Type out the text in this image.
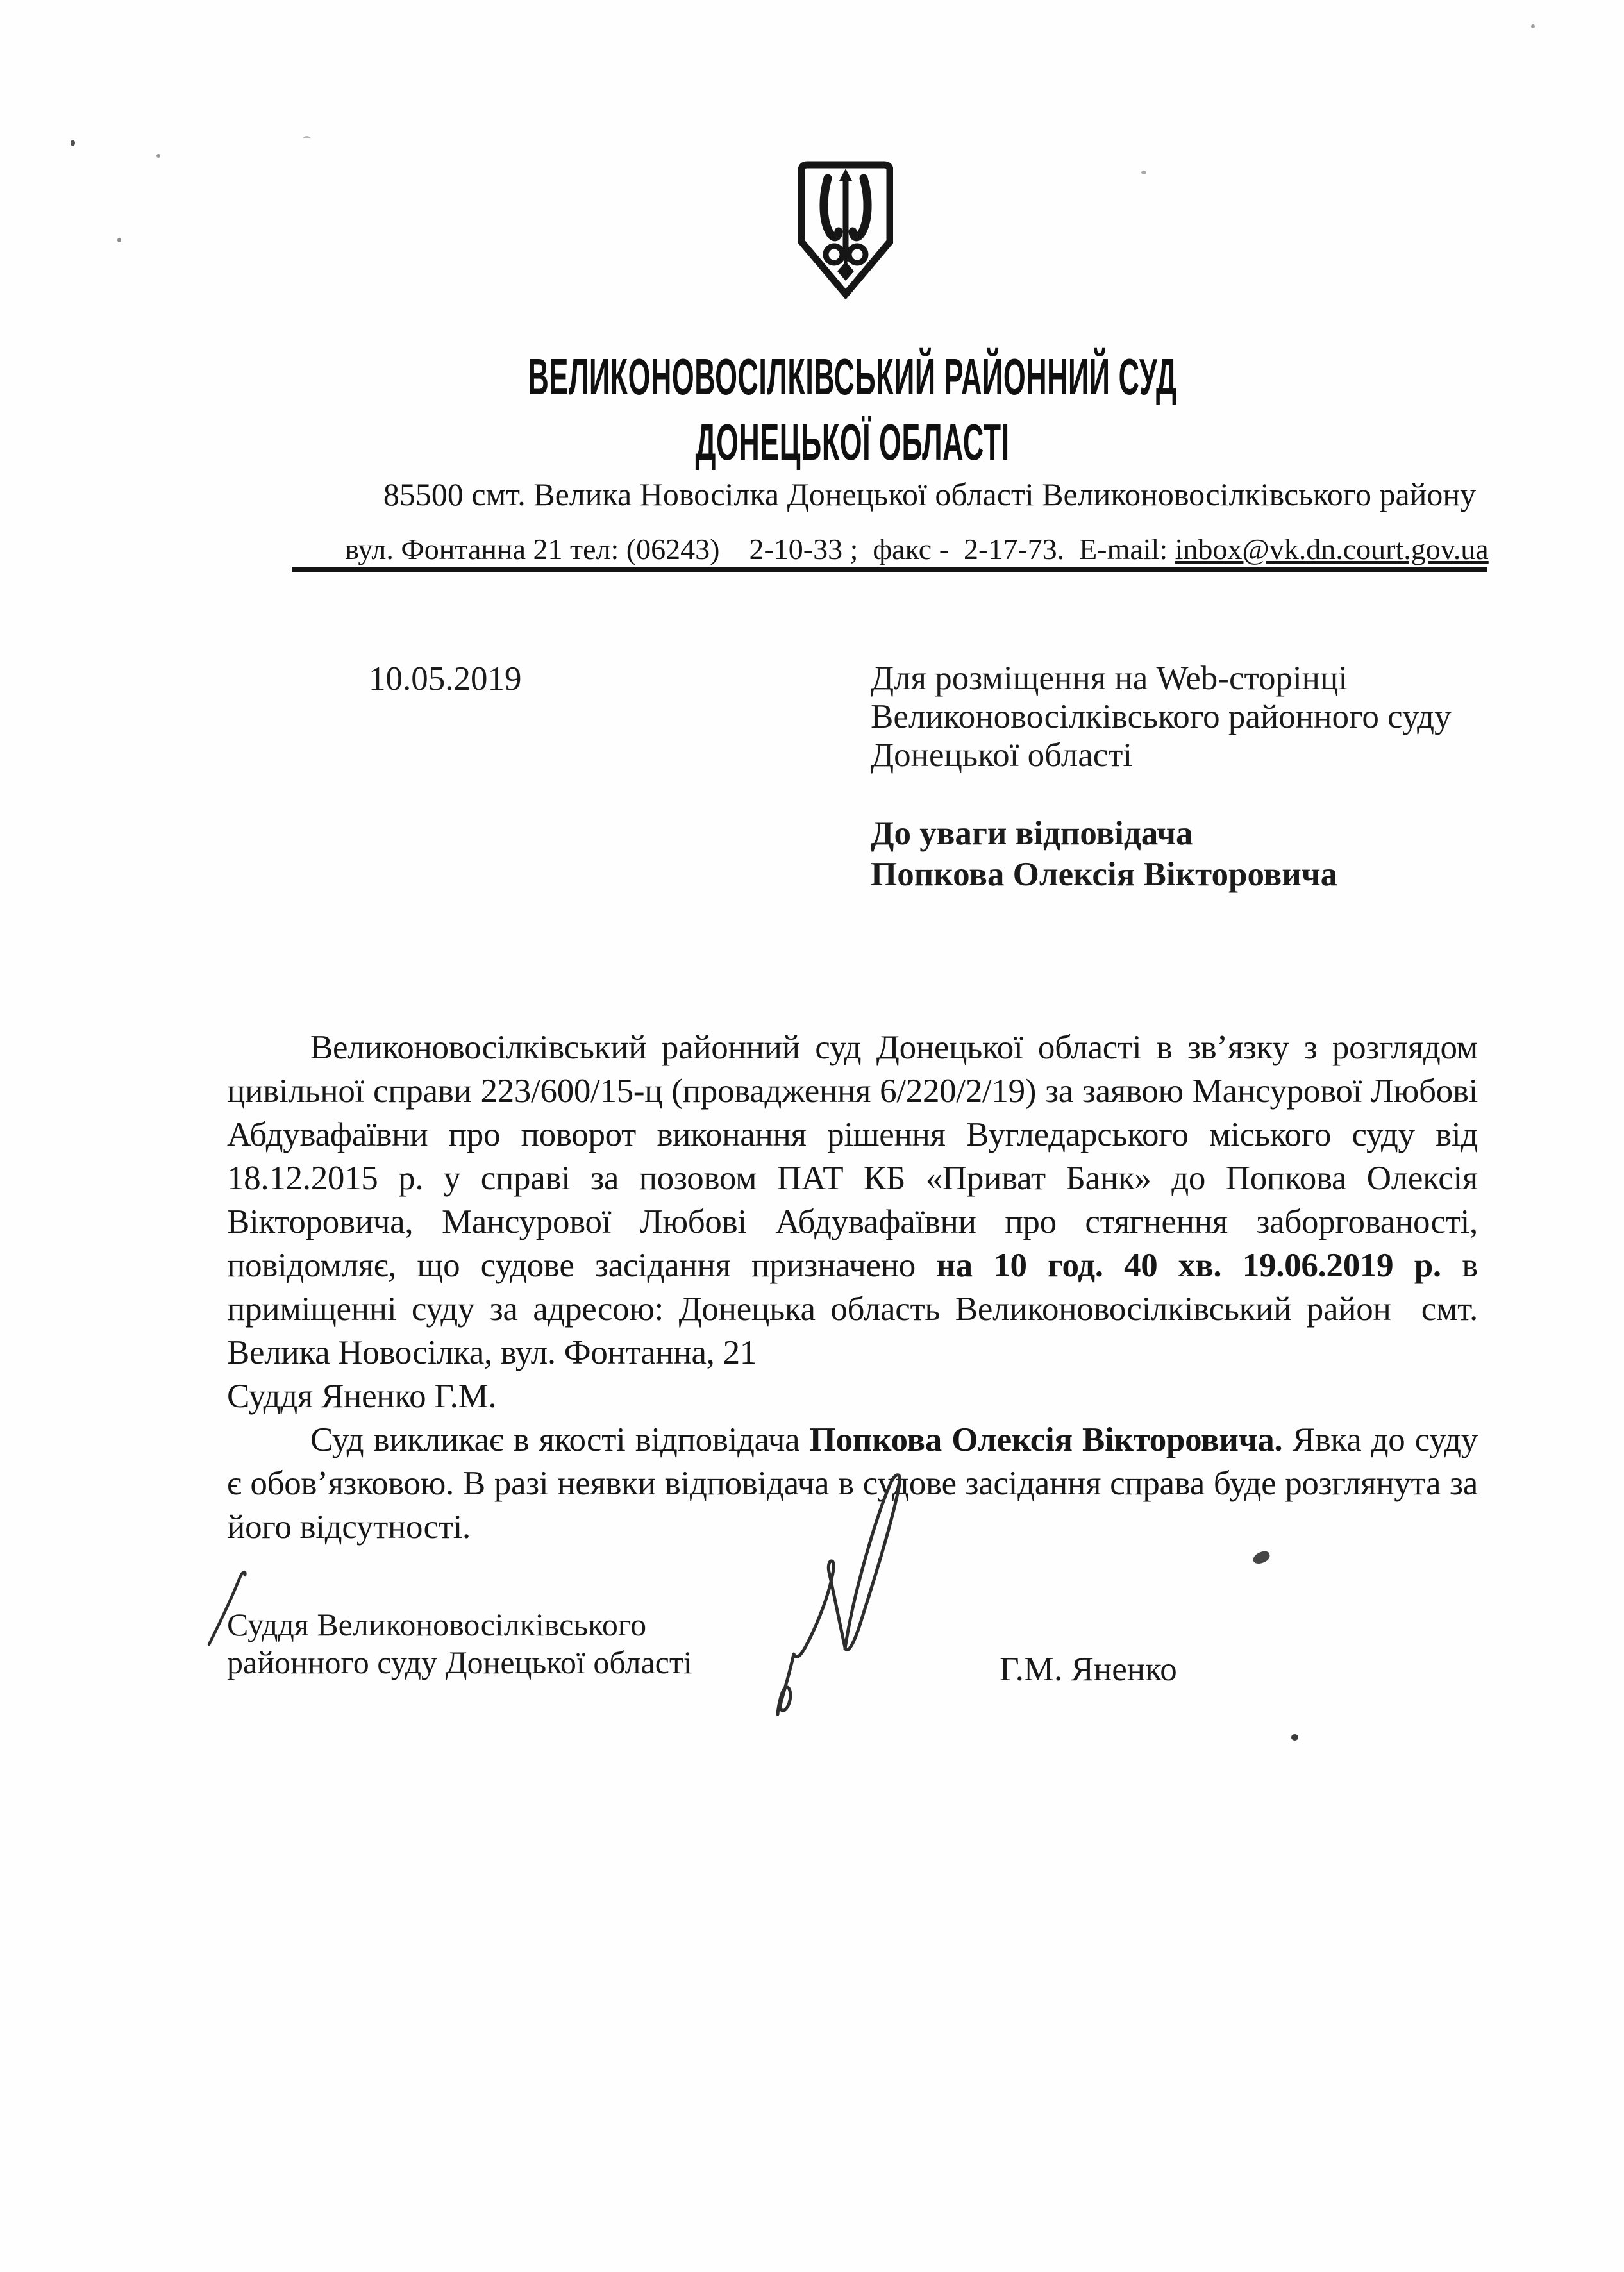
ВЕЛИКОНОВОСІЛКІВСЬКИЙ РАЙОННИЙ СУД
ДОНЕЦЬКОЇ ОБЛАСТІ
85500 смт. Велика Новосілка Донецької області Великоновосілківського району
вул. Фонтанна 21 тел: (06243)    2-10-33 ;  факс -  2-17-73.  E-mail: inbox@vk.dn.court.gov.ua
10.05.2019	Для розміщення на Web-сторінці
Великоновосілківського районного суду
Донецької області
До уваги відповідача
Попкова Олексія Вікторовича
Великоновосілківський районний суд Донецької області в зв’язку з розглядом цивільної справи 223/600/15-ц (провадження 6/220/2/19) за заявою Мансурової Любові Абдувафаївни про поворот виконання рішення Вугледарського міського суду від 18.12.2015 р. у справі за позовом ПАТ КБ «Приват Банк» до Попкова Олексія Вікторовича, Мансурової Любові Абдувафаївни про стягнення заборгованості, повідомляє, що судове засідання призначено на 10 год. 40 хв. 19.06.2019 р. в приміщенні суду за адресою: Донецька область Великоновосілківський район  смт. Велика Новосілка, вул. Фонтанна, 21
Суддя Яненко Г.М.
Суд викликає в якості відповідача Попкова Олексія Вікторовича. Явка до суду є обов’язковою. В разі неявки відповідача в судове засідання справа буде розглянута за його відсутності.
Суддя Великоновосілківського
районного суду Донецької області	Г.М. Яненко
